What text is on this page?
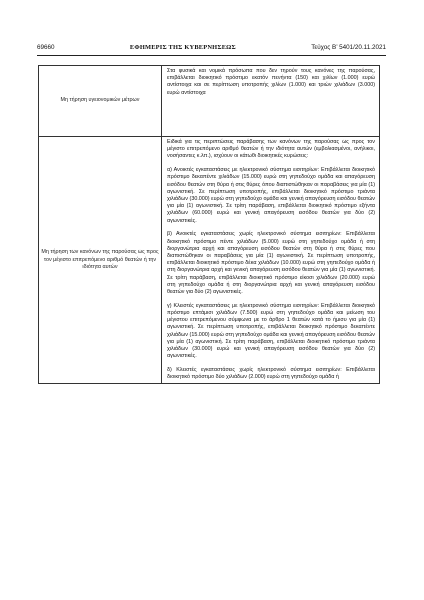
69660	ΕΦΗΜΕΡΙΣ ΤΗΣ ΚΥΒΕΡΝΗΣΕΩΣ	Τεύχος Β’ 5401/20.11.2021
Μη τήρηση υγειονομικών μέτρων	Στα φυσικά και νομικά πρόσωπα που δεν τηρούν τους κανόνες της παρούσας, επιβάλλεται διοικητικό πρόστιμο εκατόν πενήντα (150) και χιλίων (1.000) ευρώ αντίστοιχα και σε περίπτωση υποτροπής χιλίων (1.000) και τριών χιλιάδων (3.000) ευρώ αντίστοιχα

Μη τήρηση των κανόνων της παρούσας ως προς τον μέγιστο επιτρεπόμενο αριθμό θεατών ή την ιδιότητα αυτών	Ειδικά για τις περιπτώσεις παράβασης των κανόνων της παρούσας ως προς τον μέγιστο επιτρεπόμενο αριθμό θεατών ή την ιδιότητα αυτών (εμβολιασμένοι, ανήλικοι, νοσήσαντες κ.λπ.), ισχύουν οι κάτωθι διοικητικές κυρώσεις:
α) Ανοικτές εγκαταστάσεις με ηλεκτρονικό σύστημα εισιτηρίων: Επιβάλλεται διοικητικό πρόστιμο δεκαπέντε χιλιάδων (15.000) ευρώ στη γηπεδούχο ομάδα και απαγόρευση εισόδου θεατών στη θύρα ή στις θύρες όπου διαπιστώθηκαν οι παραβάσεις για μία (1) αγωνιστική. Σε περίπτωση υποτροπής, επιβάλλεται διοικητικό πρόστιμο τριάντα χιλιάδων (30.000) ευρώ στη γηπεδούχο ομάδα και γενική απαγόρευση εισόδου θεατών για μία (1) αγωνιστική. Σε τρίτη παράβαση, επιβάλλεται διοικητικό πρόστιμο εξήντα χιλιάδων (60.000) ευρώ και γενική απαγόρευση εισόδου θεατών για δύο (2) αγωνιστικές.
β) Ανοικτές εγκαταστάσεις χωρίς ηλεκτρονικό σύστημα εισιτηρίων: Επιβάλλεται διοικητικό πρόστιμο πέντε χιλιάδων (5.000) ευρώ στη γηπεδούχο ομάδα ή στη διοργανώτρια αρχή και απαγόρευση εισόδου θεατών στη θύρα ή στις θύρες που διαπιστώθηκαν οι παραβάσεις για μία (1) αγωνιστική. Σε περίπτωση υποτροπής, επιβάλλεται διοικητικό πρόστιμο δέκα χιλιάδων (10.000) ευρώ στη γηπεδούχο ομάδα ή στη διοργανώτρια αρχή και γενική απαγόρευση εισόδου θεατών για μία (1) αγωνιστική. Σε τρίτη παράβαση, επιβάλλεται διοικητικό πρόστιμο είκοσι χιλιάδων (20.000) ευρώ στη γηπεδούχο ομάδα ή στη διοργανώτρια αρχή και γενική απαγόρευση εισόδου θεατών για δύο (2) αγωνιστικές.
γ) Κλειστές εγκαταστάσεις με ηλεκτρονικό σύστημα εισιτηρίων: Επιβάλλεται διοικητικό πρόστιμο επτάμισι χιλιάδων (7.500) ευρώ στη γηπεδούχο ομάδα και μείωση του μέγιστου επιτρεπόμενου σύμφωνα με το άρθρο 1 θεατών κατά το ήμισυ για μία (1) αγωνιστική. Σε περίπτωση υποτροπής, επιβάλλεται διοικητικό πρόστιμο δεκαπέντε χιλιάδων (15.000) ευρώ στη γηπεδούχο ομάδα και γενική απαγόρευση εισόδου θεατών για μία (1) αγωνιστική. Σε τρίτη παράβαση, επιβάλλεται διοικητικό πρόστιμο τριάντα χιλιάδων (30.000) ευρώ και γενική απαγόρευση εισόδου θεατών για δύο (2) αγωνιστικές.
δ) Κλειστές εγκαταστάσεις χωρίς ηλεκτρονικό σύστημα εισιτηρίων: Επιβάλλεται διοικητικό πρόστιμο δύο χιλιάδων (2.000) ευρώ στη γηπεδούχο ομάδα ή
